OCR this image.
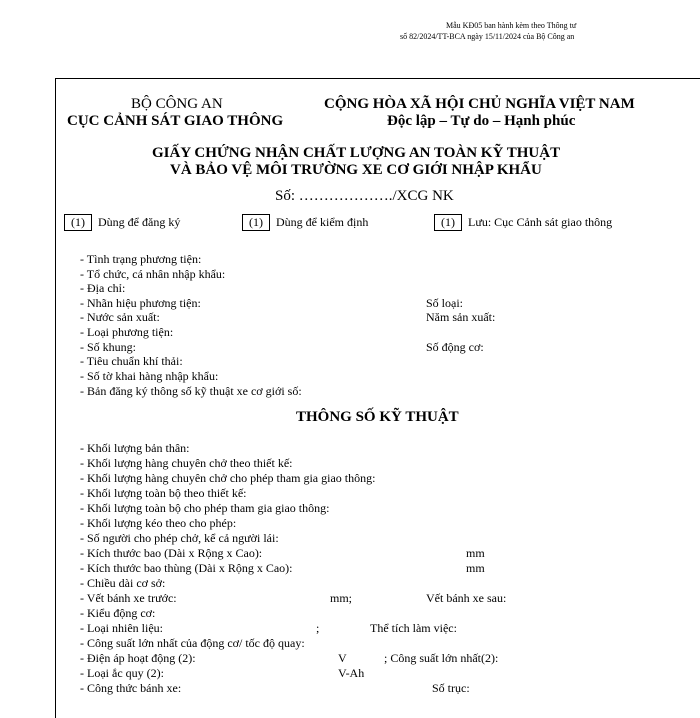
Mẫu KĐ05 ban hành kèm theo Thông tư
số 82/2024/TT-BCA ngày 15/11/2024 của Bộ Công an
BỘ CÔNG AN
CỤC CẢNH SÁT GIAO THÔNG
CỘNG HÒA XÃ HỘI CHỦ NGHĨA VIỆT NAM
Độc lập – Tự do – Hạnh phúc
GIẤY CHỨNG NHẬN CHẤT LƯỢNG AN TOÀN KỸ THUẬT
VÀ BẢO VỆ MÔI TRƯỜNG XE CƠ GIỚI NHẬP KHẨU
Số: ………………./XCG NK
(1) Dùng để đăng ký	(1) Dùng để kiểm định	(1) Lưu: Cục Cảnh sát giao thông
- Tình trạng phương tiện:
- Tổ chức, cá nhân nhập khẩu:
- Địa chỉ:
- Nhãn hiệu phương tiện:	Số loại:
- Nước sản xuất:	Năm sản xuất:
- Loại phương tiện:
- Số khung:	Số động cơ:
- Tiêu chuẩn khí thải:
- Số tờ khai hàng nhập khẩu:
- Bản đăng ký thông số kỹ thuật xe cơ giới số:
THÔNG SỐ KỸ THUẬT
- Khối lượng bản thân:
- Khối lượng hàng chuyên chở theo thiết kế:
- Khối lượng hàng chuyên chở cho phép tham gia giao thông:
- Khối lượng toàn bộ theo thiết kế:
- Khối lượng toàn bộ cho phép tham gia giao thông:
- Khối lượng kéo theo cho phép:
- Số người cho phép chở, kể cả người lái:
- Kích thước bao (Dài x Rộng x Cao):	mm
- Kích thước bao thùng (Dài x Rộng x Cao):	mm
- Chiều dài cơ sở:
- Vết bánh xe trước:	mm;	Vết bánh xe sau:
- Kiểu động cơ:
- Loại nhiên liệu:	;	Thể tích làm việc:
- Công suất lớn nhất của động cơ/ tốc độ quay:
- Điện áp hoạt động (2):	V	; Công suất lớn nhất(2):
- Loại ắc quy (2):	V-Ah
- Công thức bánh xe:	Số trục:
